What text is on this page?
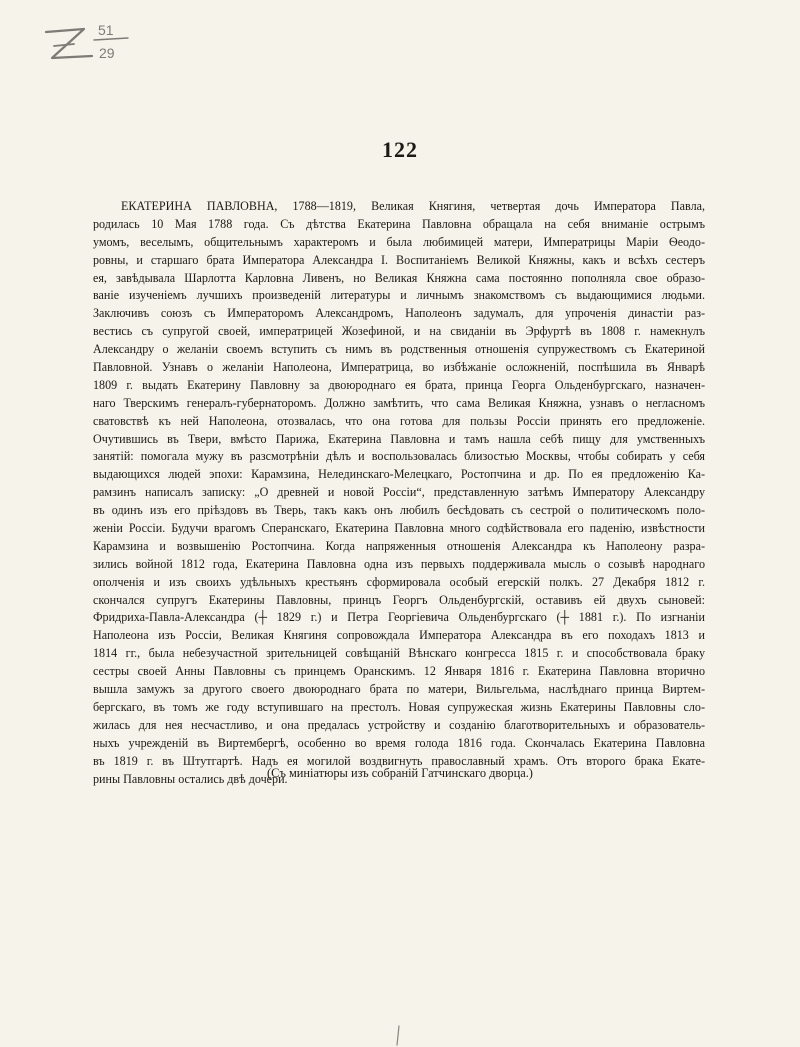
51
29
122
ЕКАТЕРИНА ПАВЛОВНА, 1788—1819, Великая Княгиня, четвертая дочь Императора Павла,
родилась 10 Мая 1788 года. Съ дѣтства Екатерина Павловна обращала на себя вниманіе острымъ
умомъ, веселымъ, общительнымъ характеромъ и была любимицей матери, Императрицы Маріи Ѳеодо-
ровны, и старшаго брата Императора Александра I. Воспитаніемъ Великой Княжны, какъ и всѣхъ сестеръ
ея, завѣдывала Шарлотта Карловна Ливенъ, но Великая Княжна сама постоянно пополняла свое образо-
ваніе изученіемъ лучшихъ произведеній литературы и личнымъ знакомствомъ съ выдающимися людьми.
Заключивъ союзъ съ Императоромъ Александромъ, Наполеонъ задумалъ, для упроченія династіи раз-
вестись съ супругой своей, императрицей Жозефиной, и на свиданіи въ Эрфуртѣ въ 1808 г. намекнулъ
Александру о желаніи своемъ вступить съ нимъ въ родственныя отношенія супружествомъ съ Екатериной
Павловной. Узнавъ о желаніи Наполеона, Императрица, во избѣжаніе осложненій, поспѣшила въ Январѣ
1809 г. выдать Екатерину Павловну за двоюроднаго ея брата, принца Георга Ольденбургскаго, назначен-
наго Тверскимъ генералъ-губернаторомъ. Должно замѣтить, что сама Великая Княжна, узнавъ о негласномъ
сватовствѣ къ ней Наполеона, отозвалась, что она готова для пользы Россіи принять его предложеніе.
Очутившись въ Твери, вмѣсто Парижа, Екатерина Павловна и тамъ нашла себѣ пищу для умственныхъ
занятій: помогала мужу въ разсмотрѣніи дѣлъ и воспользовалась близостью Москвы, чтобы собирать у себя
выдающихся людей эпохи: Карамзина, Нелединскаго-Мелецкаго, Ростопчина и др. По ея предложенію Ка-
рамзинъ написалъ записку: „О древней и новой Россіи“, представленную затѣмъ Императору Александру
въ одинъ изъ его пріѣздовъ въ Тверь, такъ какъ онъ любилъ бесѣдовать съ сестрой о политическомъ поло-
женіи Россіи. Будучи врагомъ Сперанскаго, Екатерина Павловна много содѣйствовала его паденію, извѣстности
Карамзина и возвышенію Ростопчина. Когда напряженныя отношенія Александра къ Наполеону разра-
зились войной 1812 года, Екатерина Павловна одна изъ первыхъ поддерживала мысль о созывѣ народнаго
ополченія и изъ своихъ удѣльныхъ крестьянъ сформировала особый егерскій полкъ. 27 Декабря 1812 г.
скончался супругъ Екатерины Павловны, принцъ Георгъ Ольденбургскій, оставивъ ей двухъ сыновей:
Фридриха-Павла-Александра (┼ 1829 г.) и Петра Георгіевича Ольденбургскаго (┼ 1881 г.). По изгнаніи
Наполеона изъ Россіи, Великая Княгиня сопровождала Императора Александра въ его походахъ 1813 и
1814 гг., была небезучастной зрительницей совѣщаній Вѣнскаго конгресса 1815 г. и способствовала браку
сестры своей Анны Павловны съ принцемъ Оранскимъ. 12 Января 1816 г. Екатерина Павловна вторично
вышла замужъ за другого своего двоюроднаго брата по матери, Вильгельма, наслѣднаго принца Виртем-
бергскаго, въ томъ же году вступившаго на престолъ. Новая супружеская жизнь Екатерины Павловны сло-
жилась для нея несчастливо, и она предалась устройству и созданію благотворительныхъ и образователь-
ныхъ учрежденій въ Виртембергѣ, особенно во время голода 1816 года. Скончалась Екатерина Павловна
въ 1819 г. въ Штутгартѣ. Надъ ея могилой воздвигнуть православный храмъ. Отъ второго брака Екате-
рины Павловны остались двѣ дочери.
(Съ миніатюры изъ собраній Гатчинскаго дворца.)
